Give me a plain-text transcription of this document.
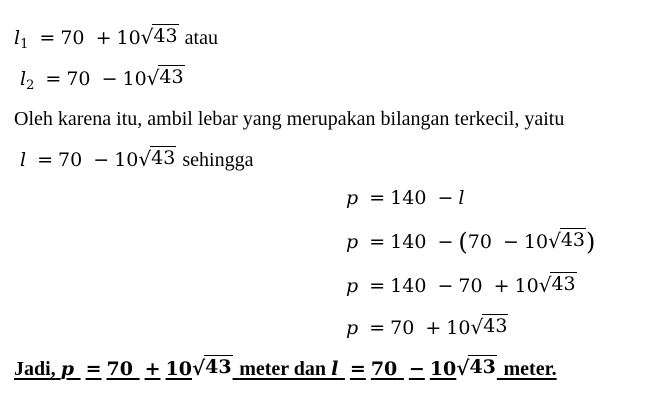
$l_1 = 70 + 10$ √ 43 atau
$l_2 = 70 - 10$ √ 43
Oleh karena itu, ambil lebar yang merupakan bilangan terkecil, yaitu
l = 70 − 10 √ 43 sehingga
p = 140 − l
p = 140 − (70 − 10 √ 43 )
p = 140 − 70 + 10 √ 43
p = 70 + 10 √ 43
Jadi, p = 70 + 10 √ 43 meter dan l = 70 − 10 √ 43 meter.
